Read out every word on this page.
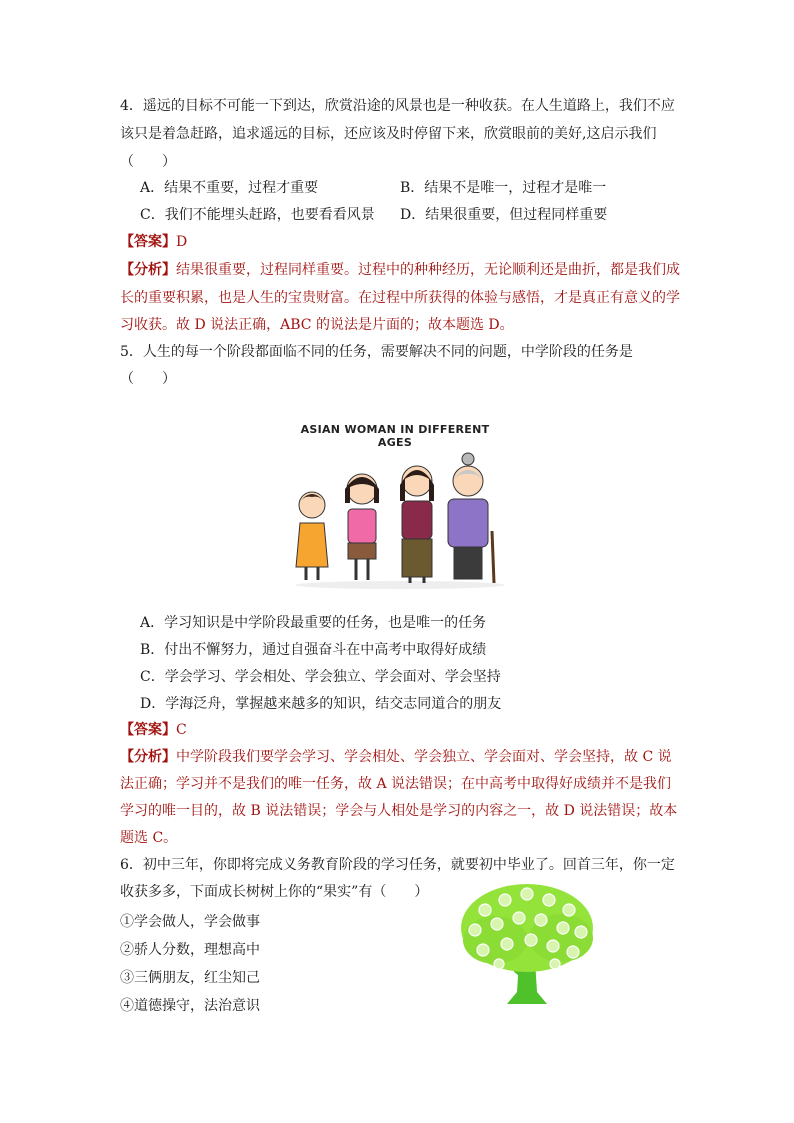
4．遥远的目标不可能一下到达，欣赏沿途的风景也是一种收获。在人生道路上，我们不应
该只是着急赶路，追求遥远的目标，还应该及时停留下来，欣赏眼前的美好,这启示我们
（　　）
A．结果不重要，过程才重要	B．结果不是唯一，过程才是唯一
C．我们不能埋头赶路，也要看看风景 D．结果很重要，但过程同样重要
【答案】D
【分析】结果很重要，过程同样重要。过程中的种种经历，无论顺利还是曲折，都是我们成
长的重要积累，也是人生的宝贵财富。在过程中所获得的体验与感悟，才是真正有意义的学
习收获。故 D 说法正确，ABC 的说法是片面的；故本题选 D。
5．人生的每一个阶段都面临不同的任务，需要解决不同的问题，中学阶段的任务是
（　　）
ASIAN WOMAN IN DIFFERENT AGES
A．学习知识是中学阶段最重要的任务，也是唯一的任务
B．付出不懈努力，通过自强奋斗在中高考中取得好成绩
C．学会学习、学会相处、学会独立、学会面对、学会坚持
D．学海泛舟，掌握越来越多的知识，结交志同道合的朋友
【答案】C
【分析】中学阶段我们要学会学习、学会相处、学会独立、学会面对、学会坚持，故 C 说
法正确；学习并不是我们的唯一任务，故 A 说法错误；在中高考中取得好成绩并不是我们
学习的唯一目的，故 B 说法错误；学会与人相处是学习的内容之一，故 D 说法错误；故本
题选 C。
6．初中三年，你即将完成义务教育阶段的学习任务，就要初中毕业了。回首三年，你一定
收获多多，下面成长树树上你的“果实”有（　　）
①学会做人，学会做事
②骄人分数，理想高中
③三俩朋友，红尘知己
④道德操守，法治意识
